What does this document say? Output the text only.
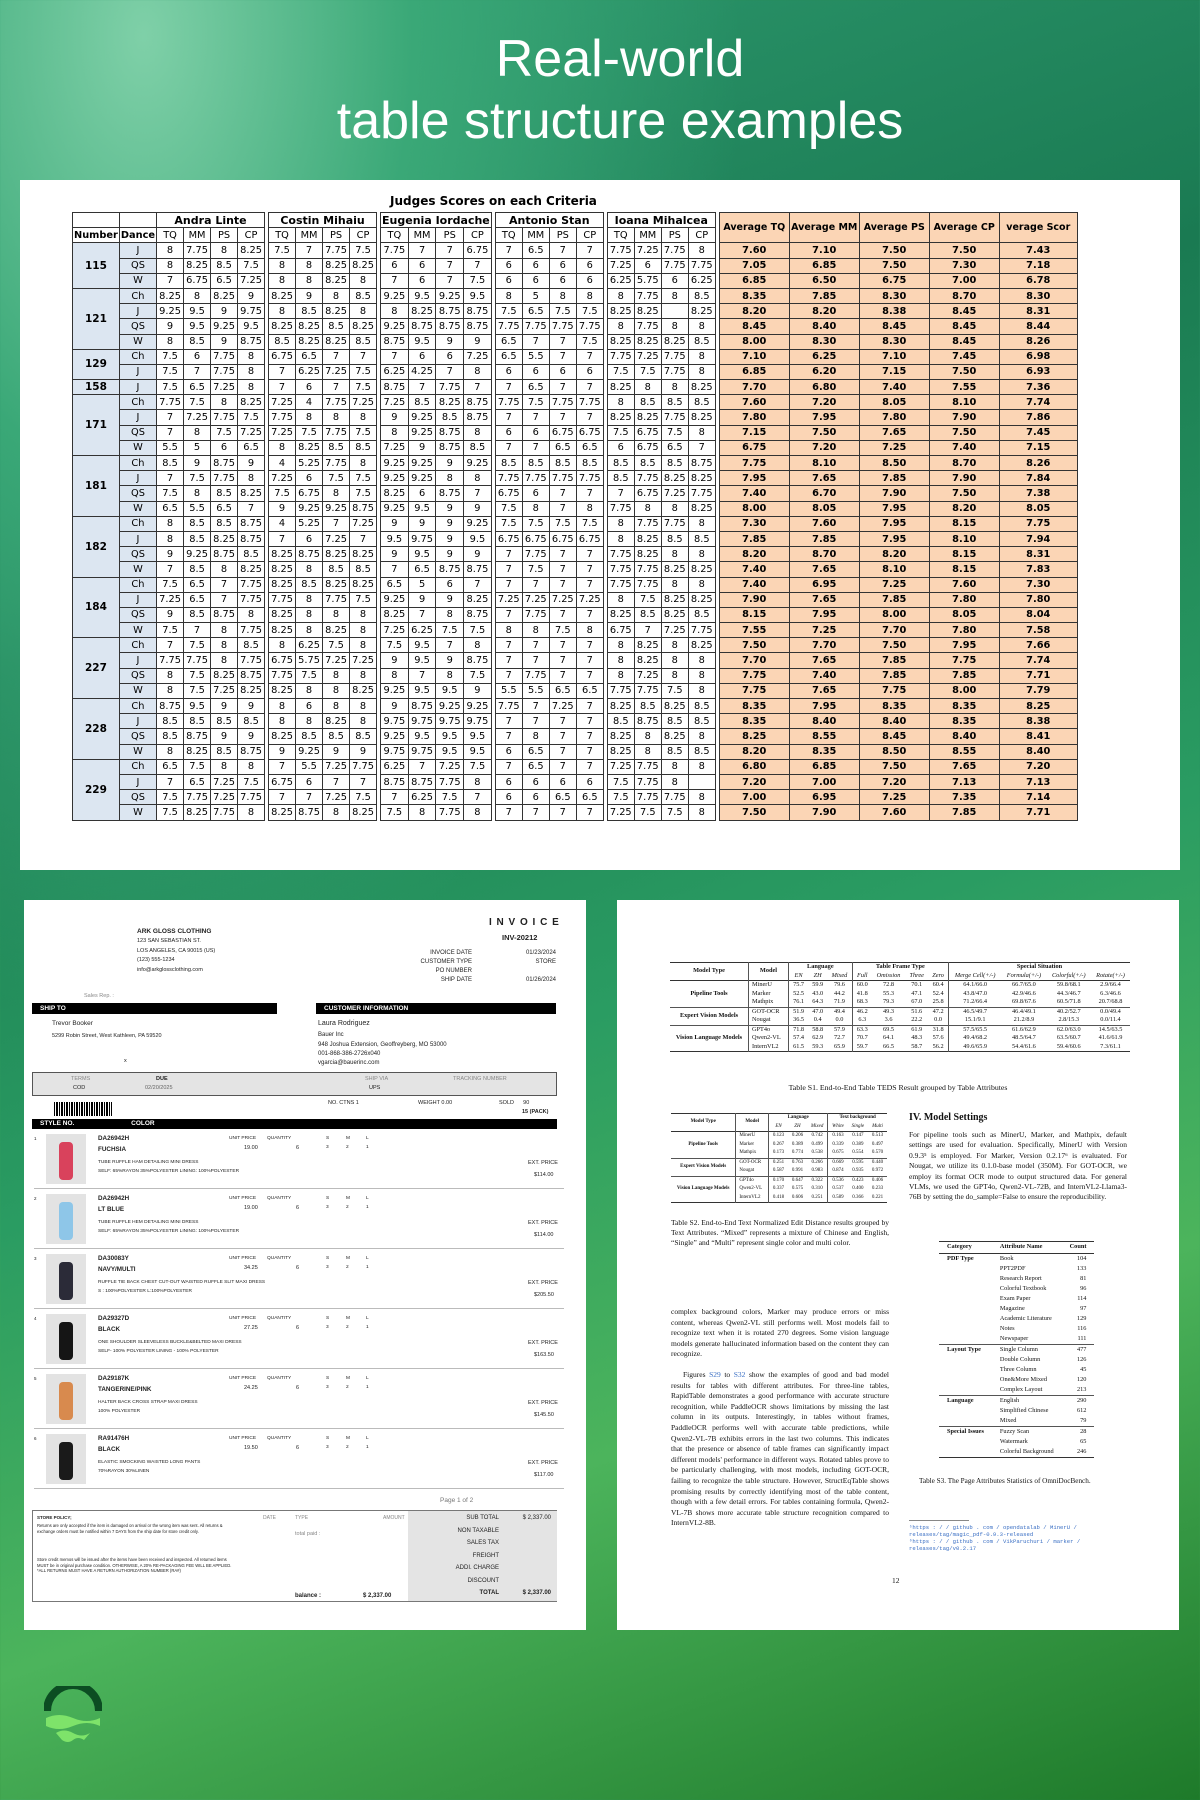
Real-world
table structure examples
Judges Scores on each Criteria
		Andra Linte					Costin Mihaiu					Eugenia Iordache					Antonio Stan					Ioana Mihalcea					Average TQ	Average MM	Average PS	Average CP	verage Scor
Number	Dance	TQ	MM	PS	CP		TQ	MM	PS	CP		TQ	MM	PS	CP		TQ	MM	PS	CP		TQ	MM	PS	CP						
115	J	8	7.75	8	8.25		7.5	7	7.75	7.5		7.75	7	7	6.75		7	6.5	7	7		7.75	7.25	7.75	8		7.60	7.10	7.50	7.50	7.43
	QS	8	8.25	8.5	7.5		8	8	8.25	8.25		6	6	7	7		6	6	6	6		7.25	6	7.75	7.75		7.05	6.85	7.50	7.30	7.18
	W	7	6.75	6.5	7.25		8	8	8.25	8		7	6	7	7.5		6	6	6	6		6.25	5.75	6	6.25		6.85	6.50	6.75	7.00	6.78
121	Ch	8.25	8	8.25	9		8.25	9	8	8.5		9.25	9.5	9.25	9.5		8	5	8	8		8	7.75	8	8.5		8.35	7.85	8.30	8.70	8.30
	J	9.25	9.5	9	9.75		8	8.5	8.25	8		8	8.25	8.75	8.75		7.5	6.5	7.5	7.5		8.25	8.25		8.25		8.20	8.20	8.38	8.45	8.31
	QS	9	9.5	9.25	9.5		8.25	8.25	8.5	8.25		9.25	8.75	8.75	8.75		7.75	7.75	7.75	7.75		8	7.75	8	8		8.45	8.40	8.45	8.45	8.44
	W	8	8.5	9	8.75		8.5	8.25	8.25	8.5		8.75	9.5	9	9		6.5	7	7	7.5		8.25	8.25	8.25	8.5		8.00	8.30	8.30	8.45	8.26
129	Ch	7.5	6	7.75	8		6.75	6.5	7	7		7	6	6	7.25		6.5	5.5	7	7		7.75	7.25	7.75	8		7.10	6.25	7.10	7.45	6.98
	J	7.5	7	7.75	8		7	6.25	7.25	7.5		6.25	4.25	7	8		6	6	6	6		7.5	7.5	7.75	8		6.85	6.20	7.15	7.50	6.93
158	J	7.5	6.5	7.25	8		7	6	7	7.5		8.75	7	7.75	7		7	6.5	7	7		8.25	8	8	8.25		7.70	6.80	7.40	7.55	7.36
171	Ch	7.75	7.5	8	8.25		7.25	4	7.75	7.25		7.25	8.5	8.25	8.75		7.75	7.5	7.75	7.75		8	8.5	8.5	8.5		7.60	7.20	8.05	8.10	7.74
	J	7	7.25	7.75	7.5		7.75	8	8	8		9	9.25	8.5	8.75		7	7	7	7		8.25	8.25	7.75	8.25		7.80	7.95	7.80	7.90	7.86
	QS	7	8	7.5	7.25		7.25	7.5	7.75	7.5		8	9.25	8.75	8		6	6	6.75	6.75		7.5	6.75	7.5	8		7.15	7.50	7.65	7.50	7.45
	W	5.5	5	6	6.5		8	8.25	8.5	8.5		7.25	9	8.75	8.5		7	7	6.5	6.5		6	6.75	6.5	7		6.75	7.20	7.25	7.40	7.15
181	Ch	8.5	9	8.75	9		4	5.25	7.75	8		9.25	9.25	9	9.25		8.5	8.5	8.5	8.5		8.5	8.5	8.5	8.75		7.75	8.10	8.50	8.70	8.26
	J	7	7.5	7.75	8		7.25	6	7.5	7.5		9.25	9.25	8	8		7.75	7.75	7.75	7.75		8.5	7.75	8.25	8.25		7.95	7.65	7.85	7.90	7.84
	QS	7.5	8	8.5	8.25		7.5	6.75	8	7.5		8.25	6	8.75	7		6.75	6	7	7		7	6.75	7.25	7.75		7.40	6.70	7.90	7.50	7.38
	W	6.5	5.5	6.5	7		9	9.25	9.25	8.75		9.25	9.5	9	9		7.5	8	7	8		7.75	8	8	8.25		8.00	8.05	7.95	8.20	8.05
182	Ch	8	8.5	8.5	8.75		4	5.25	7	7.25		9	9	9	9.25		7.5	7.5	7.5	7.5		8	7.75	7.75	8		7.30	7.60	7.95	8.15	7.75
	J	8	8.5	8.25	8.75		7	6	7.25	7		9.5	9.75	9	9.5		6.75	6.75	6.75	6.75		8	8.25	8.5	8.5		7.85	7.85	7.95	8.10	7.94
	QS	9	9.25	8.75	8.5		8.25	8.75	8.25	8.25		9	9.5	9	9		7	7.75	7	7		7.75	8.25	8	8		8.20	8.70	8.20	8.15	8.31
	W	7	8.5	8	8.25		8.25	8	8.5	8.5		7	6.5	8.75	8.75		7	7.5	7	7		7.75	7.75	8.25	8.25		7.40	7.65	8.10	8.15	7.83
184	Ch	7.5	6.5	7	7.75		8.25	8.5	8.25	8.25		6.5	5	6	7		7	7	7	7		7.75	7.75	8	8		7.40	6.95	7.25	7.60	7.30
	J	7.25	6.5	7	7.75		7.75	8	7.75	7.5		9.25	9	9	8.25		7.25	7.25	7.25	7.25		8	7.5	8.25	8.25		7.90	7.65	7.85	7.80	7.80
	QS	9	8.5	8.75	8		8.25	8	8	8		8.25	7	8	8.75		7	7.75	7	7		8.25	8.5	8.25	8.5		8.15	7.95	8.00	8.05	8.04
	W	7.5	7	8	7.75		8.25	8	8.25	8		7.25	6.25	7.5	7.5		8	8	7.5	8		6.75	7	7.25	7.75		7.55	7.25	7.70	7.80	7.58
227	Ch	7	7.5	8	8.5		8	6.25	7.5	8		7.5	9.5	7	8		7	7	7	7		8	8.25	8	8.25		7.50	7.70	7.50	7.95	7.66
	J	7.75	7.75	8	7.75		6.75	5.75	7.25	7.25		9	9.5	9	8.75		7	7	7	7		8	8.25	8	8		7.70	7.65	7.85	7.75	7.74
	QS	8	7.5	8.25	8.75		7.75	7.5	8	8		8	7	8	7.5		7	7.75	7	7		8	7.25	8	8		7.75	7.40	7.85	7.85	7.71
	W	8	7.5	7.25	8.25		8.25	8	8	8.25		9.25	9.5	9.5	9		5.5	5.5	6.5	6.5		7.75	7.75	7.5	8		7.75	7.65	7.75	8.00	7.79
228	Ch	8.75	9.5	9	9		8	6	8	8		9	8.75	9.25	9.25		7.75	7	7.25	7		8.25	8.5	8.25	8.5		8.35	7.95	8.35	8.35	8.25
	J	8.5	8.5	8.5	8.5		8	8	8.25	8		9.75	9.75	9.75	9.75		7	7	7	7		8.5	8.75	8.5	8.5		8.35	8.40	8.40	8.35	8.38
	QS	8.5	8.75	9	9		8.25	8.5	8.5	8.5		9.25	9.5	9.5	9.5		7	8	7	7		8.25	8	8.25	8		8.25	8.55	8.45	8.40	8.41
	W	8	8.25	8.5	8.75		9	9.25	9	9		9.75	9.75	9.5	9.5		6	6.5	7	7		8.25	8	8.5	8.5		8.20	8.35	8.50	8.55	8.40
229	Ch	6.5	7.5	8	8		7	5.5	7.25	7.75		6.25	7	7.25	7.5		7	6.5	7	7		7.25	7.75	8	8		6.80	6.85	7.50	7.65	7.20
	J	7	6.5	7.25	7.5		6.75	6	7	7		8.75	8.75	7.75	8		6	6	6	6		7.5	7.75	8			7.20	7.00	7.20	7.13	7.13
	QS	7.5	7.75	7.25	7.75		7	7	7.25	7.5		7	6.25	7.5	7		6	6	6.5	6.5		7.5	7.75	7.75	8		7.00	6.95	7.25	7.35	7.14
	W	7.5	8.25	7.75	8		8.25	8.75	8	8.25		7.5	8	7.75	8		7	7	7	7		7.25	7.5	7.5	8		7.50	7.90	7.60	7.85	7.71
ARK GLOSS CLOTHING
123 SAN SEBASTIAN ST.
LOS ANGELES, CA 90015 (US)
(123) 555-1234
info@arkglossclothing.com
I N V O I C E
INV-20212
INVOICE DATE	01/23/2024
CUSTOMER TYPE	STORE
PO NUMBER
SHIP DATE	01/26/2024
Sales Rep. :
SHIP TO	CUSTOMER INFORMATION
Trevor Booker
5299 Robin Street, West Kathleen, PA 59520
x
Laura Rodriguez
Bauer Inc
948 Joshua Extension, Geoffreyberg, MO 53000
001-868-386-2726x040
vgarcia@bauerinc.com
TERMS
COD
DUE
02/20/2025
SHIP VIA
UPS
TRACKING NUMBER
NO. CTNS 1	WEIGHT 0.00	SOLD      90
15 (PACK)
STYLE NO.	COLOR
1	DA26942H
FUCHSIA
UNIT PRICE QUANTITY
19.00	6
S
3
M
2
L
1
TUBE RUFFLE HAM DETAILING MINI DRESS
SELF: 65%RAYON 35%POLYESTER LINING: 100%POLYESTER
EXT. PRICE
$114.00
2	DA26942H
LT BLUE
UNIT PRICE QUANTITY
19.00	6
S
3
M
2
L
1
TUBE RUFFLE HEM DETAILING MINI DRESS
SELF: 65%RAYON 35%POLYESTER LINING: 100%POLYESTER
EXT. PRICE
$114.00
3	DA30083Y
NAVY/MULTI
UNIT PRICE QUANTITY
34.25	6
S
3
M
2
L
1
RUFFLE TIE BACK CHEST CUT-OUT WAISTED RUFFLE SLIT MAXI DRESS
S : 100%POLYESTER L:100%POLYESTER
EXT. PRICE
$205.50
4	DA29327D
BLACK
UNIT PRICE QUANTITY
27.25	6
S
3
M
2
L
1
ONE SHOULDER SLEEVELESS BUCKLE&BELTED MAXI DRESS
SELF- 100% POLYESTER LINING - 100% POLYESTER
EXT. PRICE
$163.50
5	DA29187K
TANGERINE/PINK
UNIT PRICE QUANTITY
24.25	6
S
3
M
2
L
1
HALTER BACK CROSS STRAP MAXI DRESS
100% POLYESTER
EXT. PRICE
$145.50
6	RA91476H
BLACK
UNIT PRICE QUANTITY
19.50	6
S
3
M
2
L
1
ELASTIC SMOCKING WAISTED LONG PANTS
70%RAYON 30%LINEN
EXT. PRICE
$117.00
Page 1 of 2
STORE POLICY;
Returns are only accepted if the item is damaged on arrival or the wrong item was sent. All returns & exchange orders must be notified within 7 DAYS from the ship date for store credit only.
Store credit memos will be issued after the items have been received and inspected. All returned items MUST be in original purchase condition. OTHERWISE, A 20% RE-PACKAGING FEE WILL BE APPLIED. *ALL RETURNS MUST HAVE A RETURN AUTHORIZATION NUMBER (RA#)
DATE	TYPE	AMOUNT
total paid :
balance :	$ 2,337.00
SUB TOTAL
NON TAXABLE
SALES TAX
FREIGHT
ADDI. CHARGE
DISCOUNT
TOTAL
$ 2,337.00
$ 2,337.00
Model Type	Model	Language			Table Frame Type				Special Situation			
		EN	ZH	Mixed	Full	Omission	Three	Zero	Merge Cell(+/-)	Formula(+/-)	Colorful(+/-)	Rotate(+/-)
Pipeline Tools	MinerU	75.7	59.9	79.6	60.0	72.8	70.1	60.4	64.1/66.0	66.7/65.0	59.8/68.1	2.9/66.4
	Marker	52.5	43.0	44.2	41.8	55.3	47.1	52.4	43.8/47.0	42.9/46.6	44.3/46.7	6.3/46.6
	Mathpix	76.1	64.3	71.9	68.3	79.3	67.0	25.8	71.2/66.4	69.8/67.6	60.5/71.8	20.7/68.8
Expert Vision Models	GOT-OCR	51.9	47.0	49.4	46.2	49.3	51.6	47.2	46.5/49.7	46.4/49.1	40.2/52.7	0.0/49.4
	Nougat	36.5	0.4	0.0	6.3	3.6	22.2	0.0	15.1/9.1	21.2/8.9	2.8/15.3	0.0/11.4
Vision Language Models	GPT4o	71.8	58.8	57.9	63.3	69.5	61.9	31.8	57.5/65.5	61.6/62.9	62.0/63.0	14.5/63.5
	Qwen2-VL	57.4	62.9	72.7	70.7	64.1	48.3	57.6	49.4/68.2	48.5/64.7	63.5/60.7	41.6/61.9
	InternVL2	61.5	59.3	65.9	59.7	66.5	58.7	56.2	49.6/65.9	54.4/61.6	59.4/60.6	7.3/61.1
Table S1. End-to-End Table TEDS Result grouped by Table Attributes
Model Type	Model	Language			Text background		
		EN	ZH	Mixed	White	Single	Multi
Pipeline Tools	MinerU	0.123	0.206	0.742	0.163	0.147	0.513
	Marker	0.267	0.389	0.499	0.339	0.389	0.497
	Mathpix	0.173	0.774	0.538	0.675	0.554	0.570
Expert Vision Models	GOT-OCR	0.251	0.763	0.266	0.669	0.595	0.440
	Nougat	0.587	0.991	0.983	0.874	0.935	0.972
Vision Language Models	GPT4o	0.170	0.647	0.322	0.536	0.423	0.406
	Qwen2-VL	0.337	0.575	0.310	0.537	0.400	0.233
	InternVL2	0.418	0.606	0.251	0.589	0.366	0.221
Table S2. End-to-End Text Normalized Edit Distance results grouped by Text Attributes. “Mixed” represents a mixture of Chinese and English, “Single” and “Multi” represent single color and multi color.
complex background colors, Marker may produce errors or miss content, whereas Qwen2-VL still performs well. Most models fail to recognize text when it is rotated 270 degrees. Some vision language models generate hallucinated information based on the content they can recognize.
Figures S29 to S32 show the examples of good and bad model results for tables with different attributes. For three-line tables, RapidTable demonstrates a good performance with accurate structure recognition, while PaddleOCR shows limitations by missing the last column in its outputs. Interestingly, in tables without frames, PaddleOCR performs well with accurate table predictions, while Qwen2-VL-7B exhibits errors in the last two columns. This indicates that the presence or absence of table frames can significantly impact different models' performance in different ways. Rotated tables prove to be particularly challenging, with most models, including GOT-OCR, failing to recognize the table structure. However, StructEqTable shows promising results by correctly identifying most of the table content, though with a few detail errors. For tables containing formula, Qwen2-VL-7B shows more accurate table structure recognition compared to InternVL2-8B.
IV. Model Settings
For pipeline tools such as MinerU, Marker, and Mathpix, default settings are used for evaluation. Specifically, MinerU with Version 0.9.3⁵ is employed. For Marker, Version 0.2.17⁶ is evaluated. For Nougat, we utilize its 0.1.0-base model (350M). For GOT-OCR, we employ its format OCR mode to output structured data. For general VLMs, we used the GPT4o, Qwen2-VL-72B, and InternVL2-Llama3-76B by setting the do_sample=False to ensure the reproducibility.
Category	Attribute Name	Count
PDF Type	Book	104
	PPT2PDF	133
	Research Report	81
	Colorful Textbook	96
	Exam Paper	114
	Magazine	97
	Academic Literature	129
	Notes	116
	Newspaper	111
Layout Type	Single Column	477
	Double Column	126
	Three Column	45
	One&More Mixed	120
	Complex Layout	213
Language	English	290
	Simplified Chinese	612
	Mixed	79
Special Issues	Fuzzy Scan	28
	Watermark	65
	Colorful Background	246
Table S3. The Page Attributes Statistics of OmniDocBench.
⁵https : / / github . com / opendatalab / MinerU / releases/tag/magic_pdf-0.9.3-released
⁶https : / / github . com / VikParuchuri / marker / releases/tag/v0.2.17
12
